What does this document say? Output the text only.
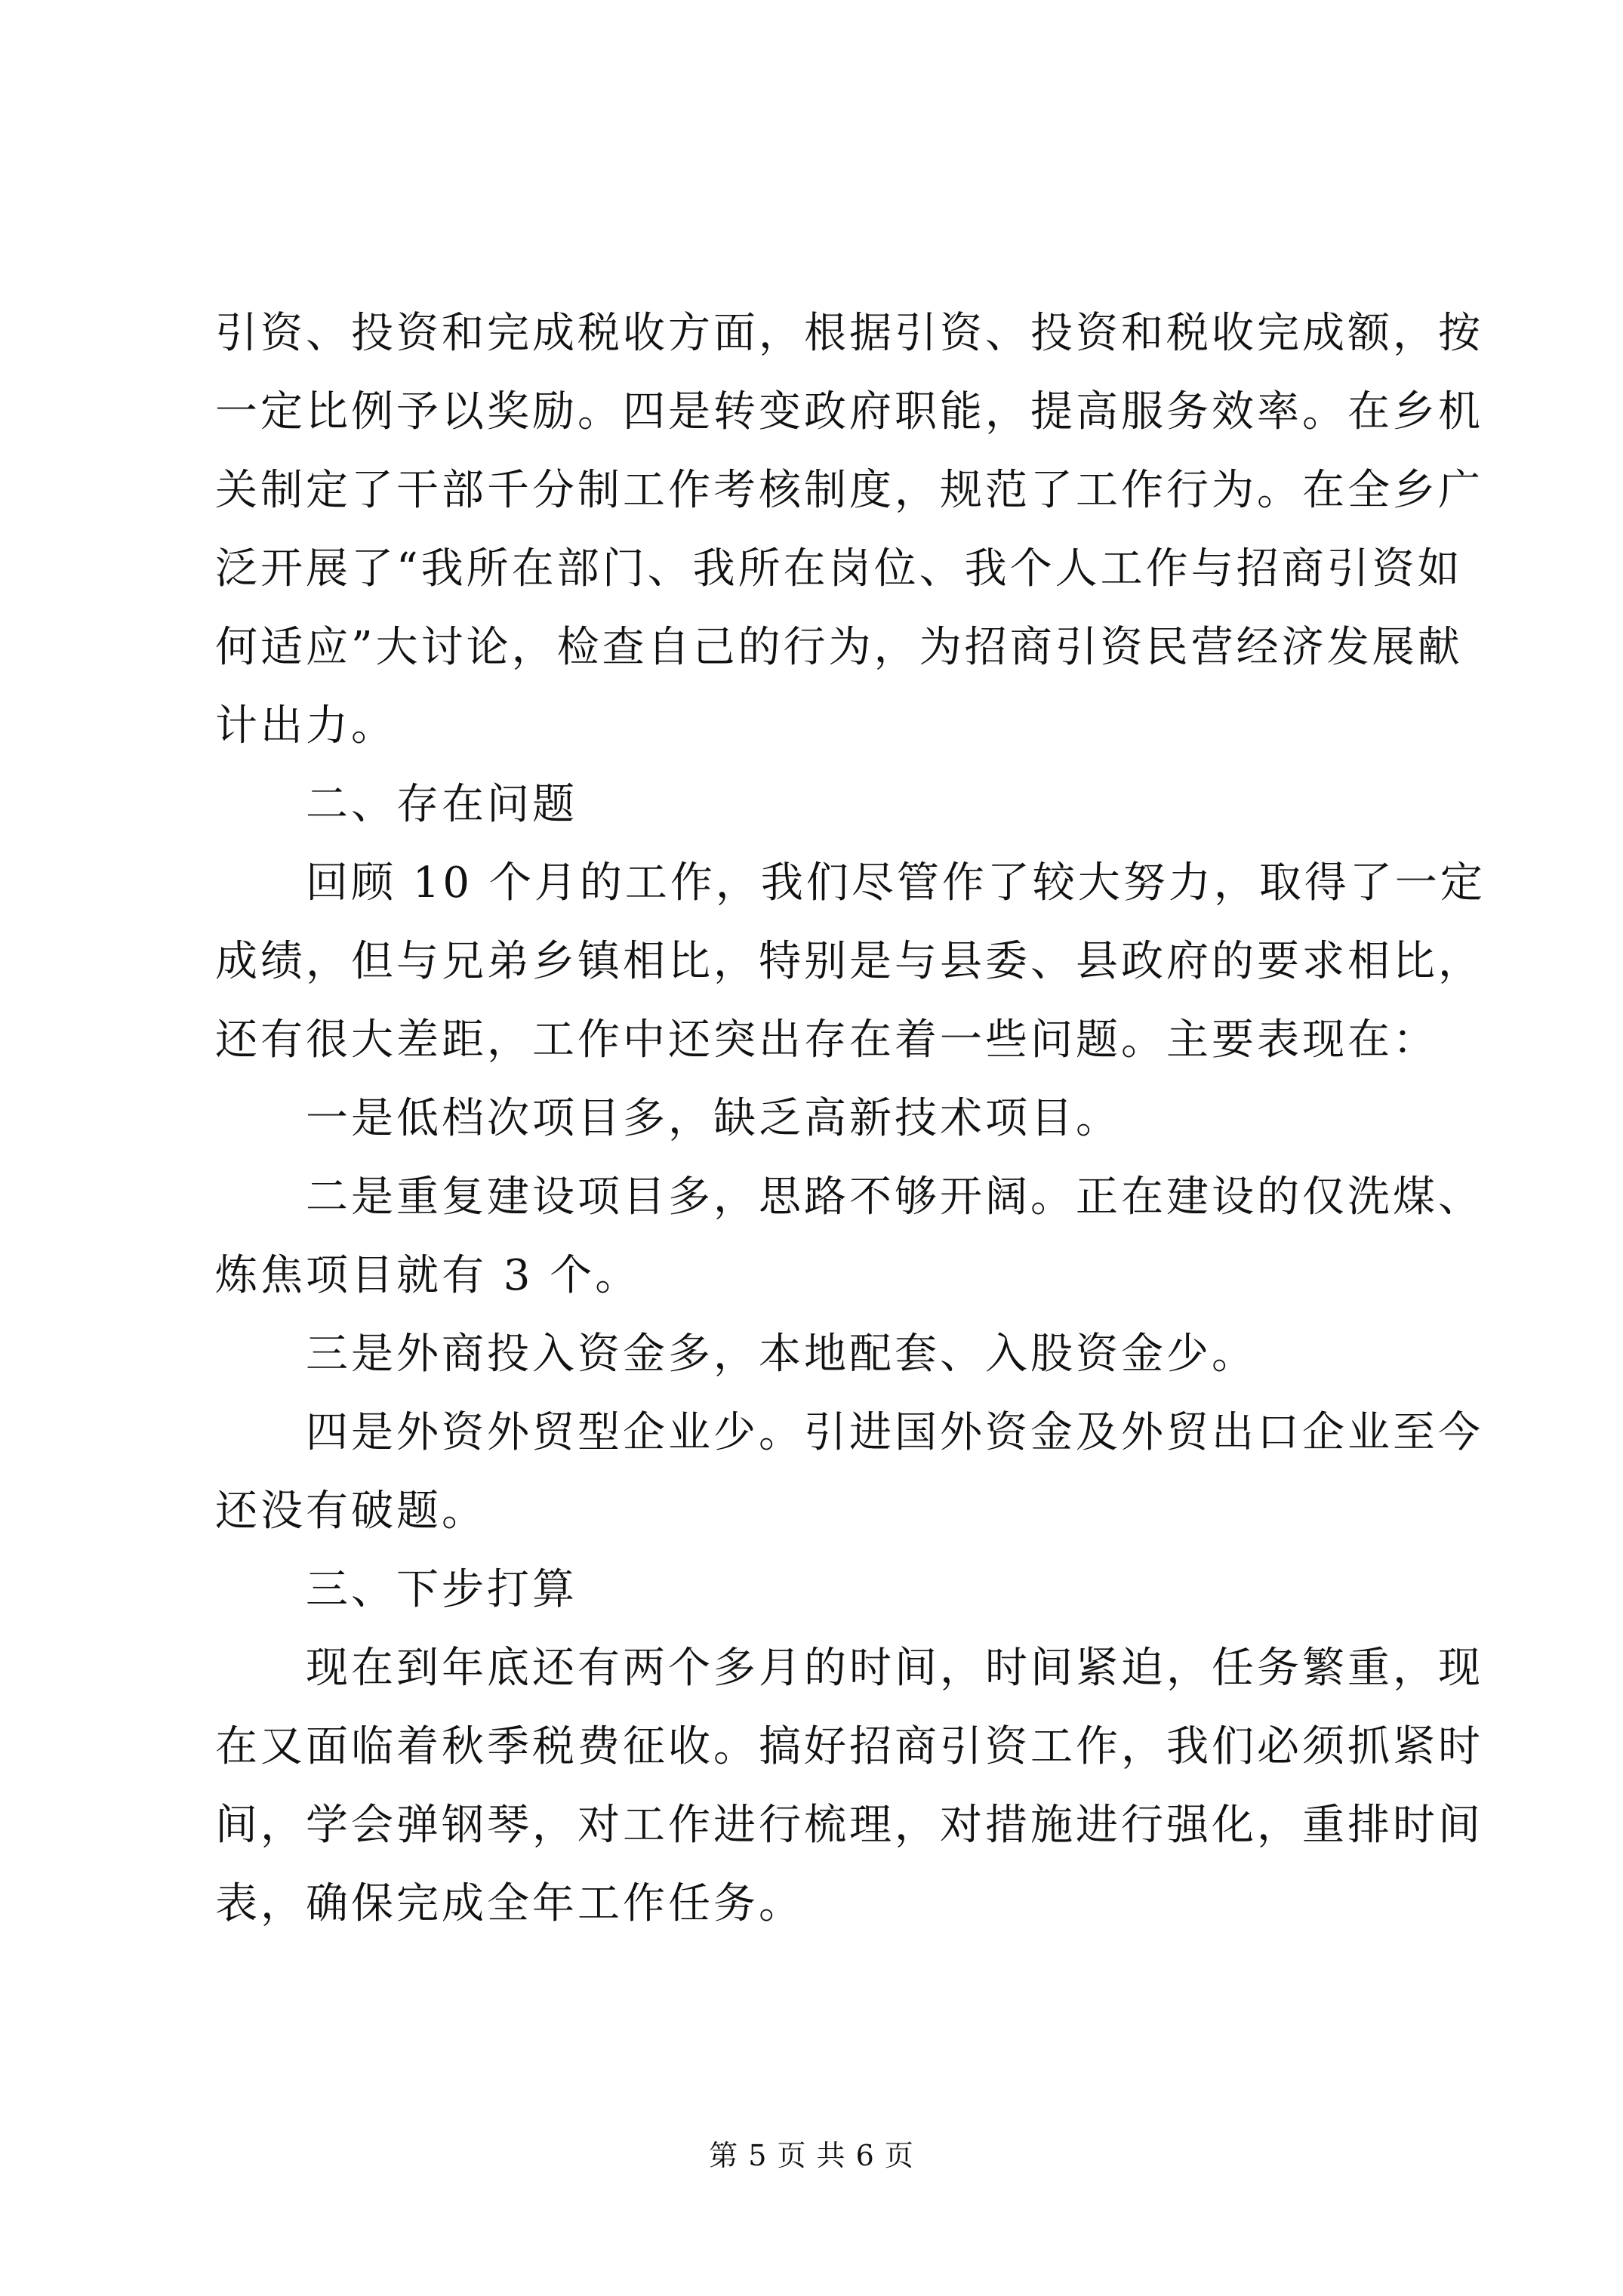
引资、投资和完成税收方面，根据引资、投资和税收完成额，按
一定比例予以奖励。四是转变政府职能，提高服务效率。在乡机
关制定了干部千分制工作考核制度，规范了工作行为。在全乡广
泛开展了“我所在部门、我所在岗位、我个人工作与招商引资如
何适应”大讨论，检查自己的行为，为招商引资民营经济发展献
计出力。
二、存在问题
回顾 10 个月的工作，我们尽管作了较大努力，取得了一定
成绩，但与兄弟乡镇相比，特别是与县委、县政府的要求相比，
还有很大差距，工作中还突出存在着一些问题。主要表现在：
一是低档次项目多，缺乏高新技术项目。
二是重复建设项目多，思路不够开阔。正在建设的仅洗煤、
炼焦项目就有 3 个。
三是外商投入资金多，本地配套、入股资金少。
四是外资外贸型企业少。引进国外资金及外贸出口企业至今
还没有破题。
三、下步打算
现在到年底还有两个多月的时间，时间紧迫，任务繁重，现
在又面临着秋季税费征收。搞好招商引资工作，我们必须抓紧时
间，学会弹钢琴，对工作进行梳理，对措施进行强化，重排时间
表，确保完成全年工作任务。
第 5 页 共 6 页
